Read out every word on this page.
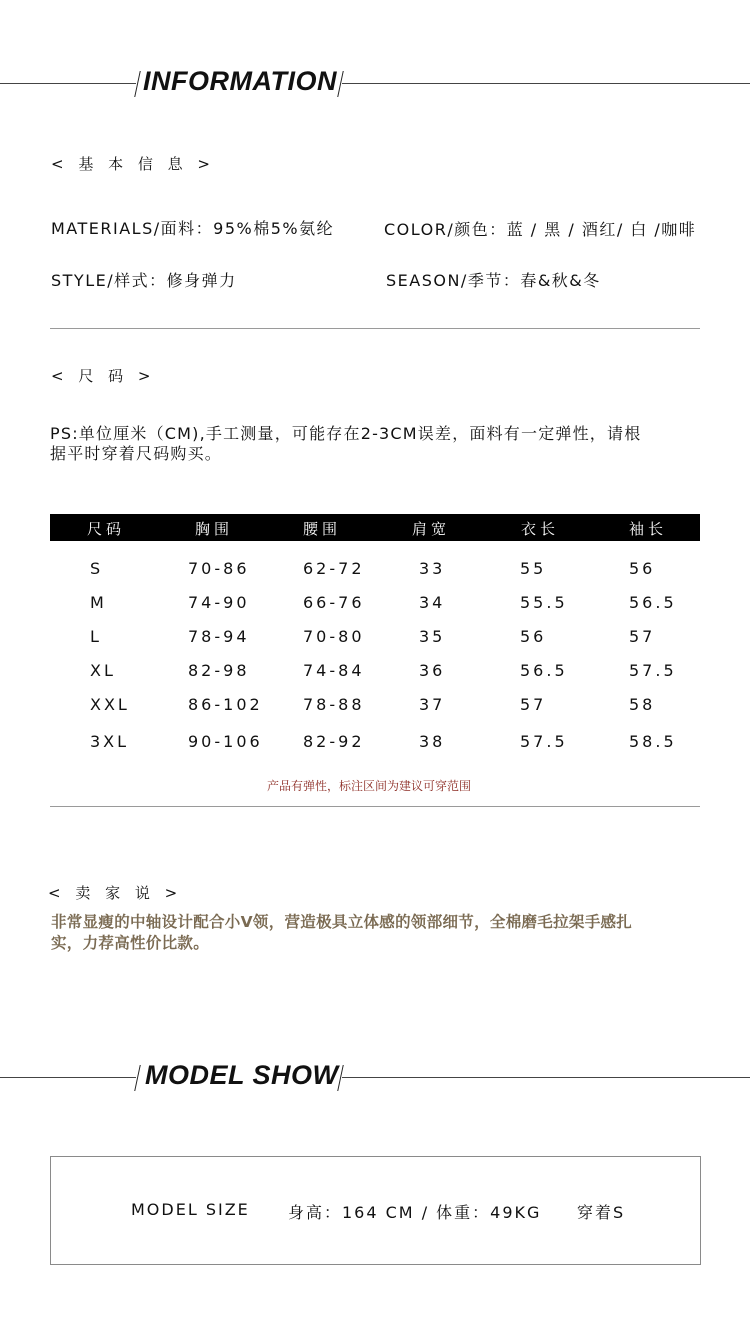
INFORMATION
< 基 本 信 息 >
MATERIALS/面料：95%棉5%氨纶	COLOR/颜色：蓝 / 黑 / 酒红/ 白 /咖啡
STYLE/样式：修身弹力	SEASON/季节：春&秋&冬
< 尺 码 >
PS:单位厘米（CM),手工测量，可能存在2-3CM误差，面料有一定弹性，请根
据平时穿着尺码购买。
尺码	胸围	腰围	肩宽	衣长	袖长
S	70-86	62-72	33	55	56
M	74-90	66-76	34	55.5	56.5
L	78-94	70-80	35	56	57
XL	82-98	74-84	36	56.5	57.5
XXL	86-102	78-88	37	57	58
3XL	90-106	82-92	38	57.5	58.5
产品有弹性，标注区间为建议可穿范围
< 卖 家 说 >
非常显瘦的中轴设计配合小V领，营造极具立体感的领部细节，全棉磨毛拉架手感扎
实，力荐高性价比款。
MODEL SHOW
MODEL SIZE 身高：164 CM / 体重：49KG 穿着S
